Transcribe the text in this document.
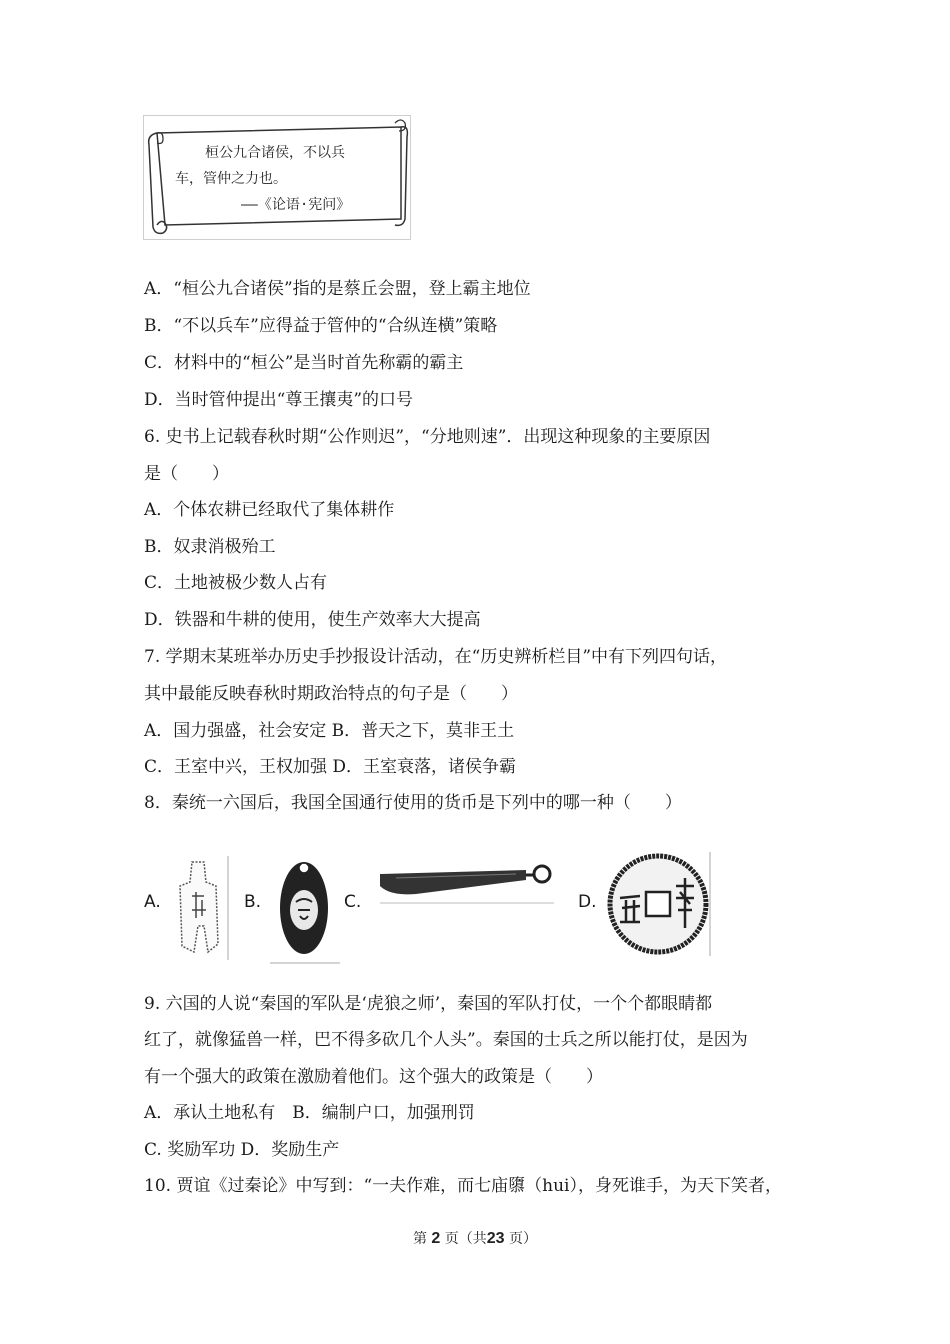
桓公九合诸侯，不以兵
车，管仲之力也。
——《论语·宪问》
A．“桓公九合诸侯”指的是蔡丘会盟，登上霸主地位
B．“不以兵车”应得益于管仲的“合纵连横”策略
C．材料中的“桓公”是当时首先称霸的霸主
D．当时管仲提出“尊王攘夷”的口号
6. 史书上记载春秋时期“公作则迟”，“分地则速”．出现这种现象的主要原因
是（　　）
A．个体农耕已经取代了集体耕作
B．奴隶消极殆工
C．土地被极少数人占有
D．铁器和牛耕的使用，使生产效率大大提高
7. 学期末某班举办历史手抄报设计活动，在“历史辨析栏目”中有下列四句话，
其中最能反映春秋时期政治特点的句子是（　　）
A．国力强盛，社会安定 B．普天之下，莫非王土
C．王室中兴，王权加强 D．王室衰落，诸侯争霸
8．秦统一六国后，我国全国通行使用的货币是下列中的哪一种（　　）
A.	B.	C.	D.
9. 六国的人说“秦国的军队是‘虎狼之师’，秦国的军队打仗，一个个都眼睛都
红了，就像猛兽一样，巴不得多砍几个人头”。秦国的士兵之所以能打仗，是因为
有一个强大的政策在激励着他们。这个强大的政策是（　　）
A．承认土地私有　B．编制户口，加强刑罚
C. 奖励军功 D．奖励生产
10. 贾谊《过秦论》中写到：“一夫作难，而七庙隳（hui），身死谁手，为天下笑者，
第 2 页（共23 页）
